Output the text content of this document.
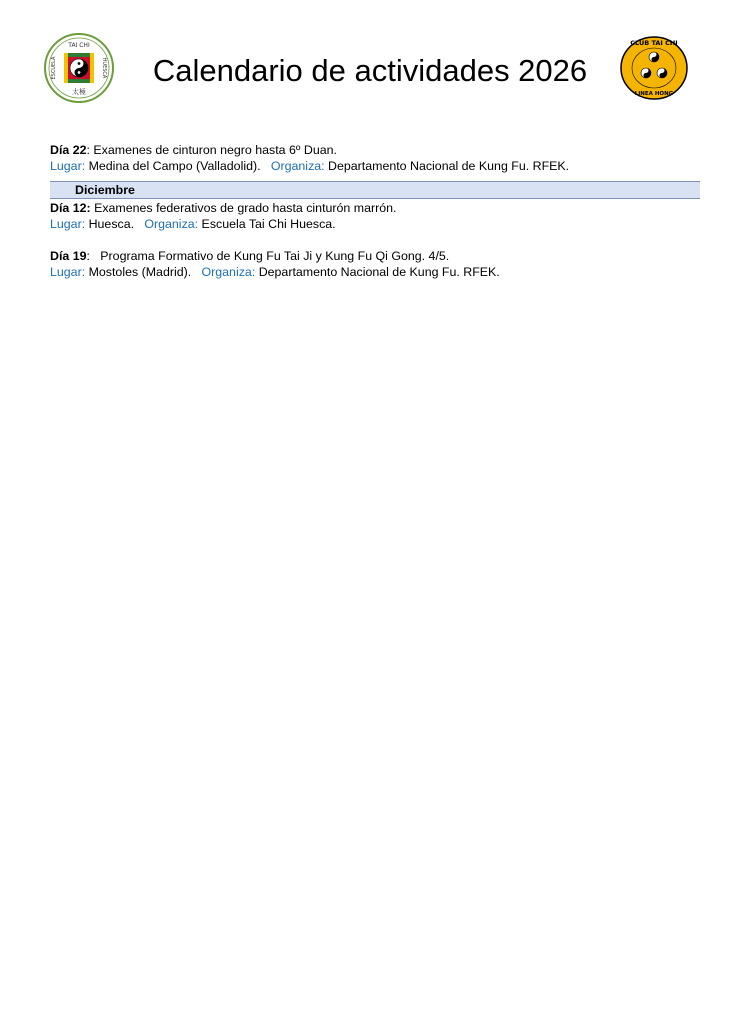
TAI CHI
太極
ESCUELA	HUESCA	Calendario de actividades 2026
CLUB TAI CHI
LINEA HONG
Día 22: Examenes de cinturon negro hasta 6º Duan.
Lugar: Medina del Campo (Valladolid).   Organiza: Departamento Nacional de Kung Fu. RFEK.
Diciembre
Día 12: Examenes federativos de grado hasta cinturón marrón.
Lugar: Huesca.   Organiza: Escuela Tai Chi Huesca.
Día 19:   Programa Formativo de Kung Fu Tai Ji y Kung Fu Qi Gong. 4/5.
Lugar: Mostoles (Madrid).   Organiza: Departamento Nacional de Kung Fu. RFEK.
